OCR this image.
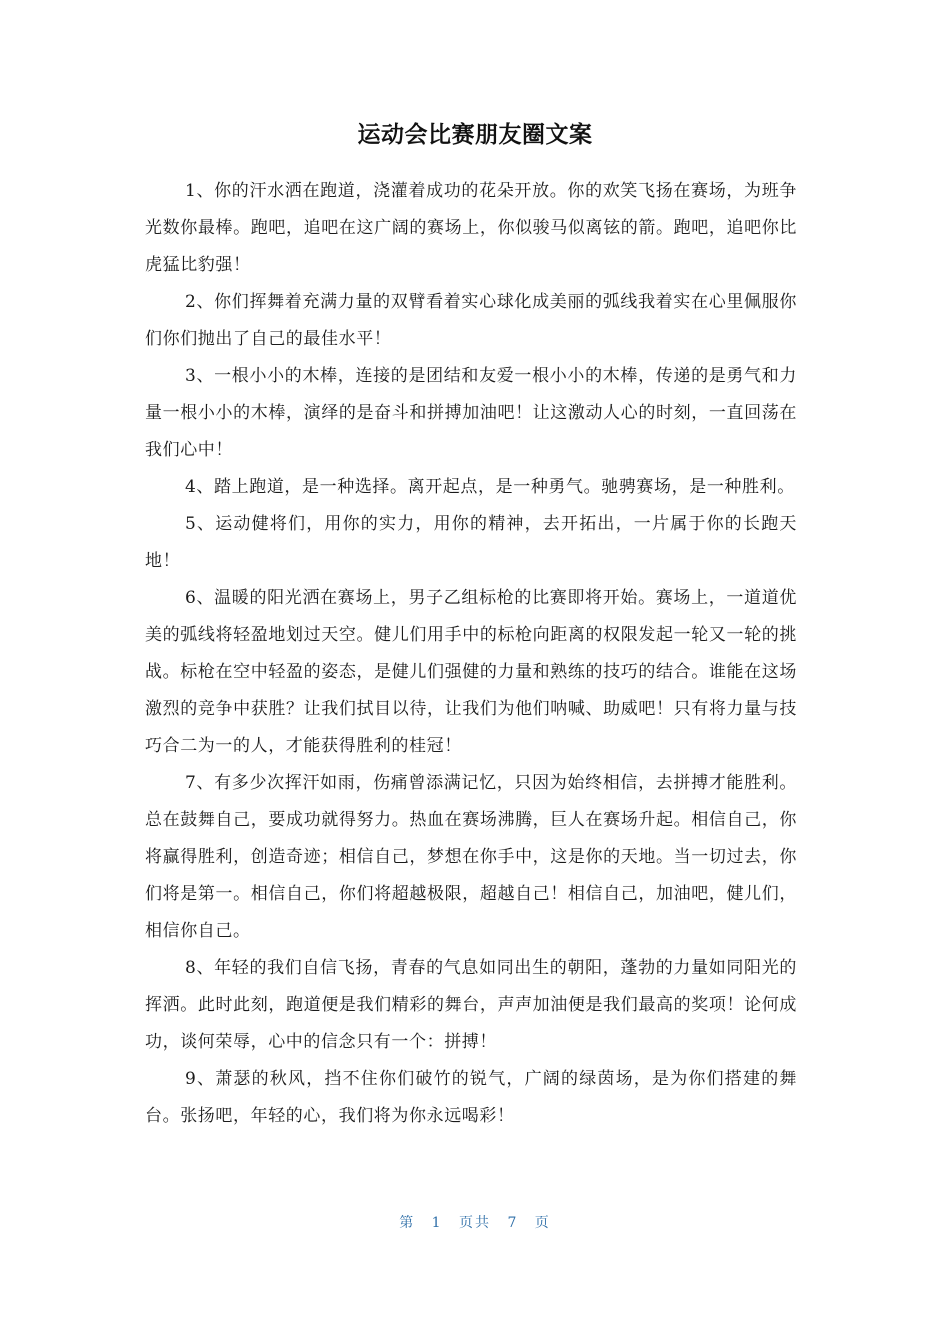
运动会比赛朋友圈文案

1、你的汗水洒在跑道，浇灌着成功的花朵开放。你的欢笑飞扬在赛场，为班争光数你最棒。跑吧，追吧在这广阔的赛场上，你似骏马似离铉的箭。跑吧，追吧你比虎猛比豹强！

2、你们挥舞着充满力量的双臂看着实心球化成美丽的弧线我着实在心里佩服你们你们抛出了自己的最佳水平！

3、一根小小的木棒，连接的是团结和友爱一根小小的木棒，传递的是勇气和力量一根小小的木棒，演绎的是奋斗和拼搏加油吧！让这激动人心的时刻，一直回荡在我们心中！

4、踏上跑道，是一种选择。离开起点，是一种勇气。驰骋赛场，是一种胜利。

5、运动健将们，用你的实力，用你的精神，去开拓出，一片属于你的长跑天地！

6、温暖的阳光洒在赛场上，男子乙组标枪的比赛即将开始。赛场上，一道道优美的弧线将轻盈地划过天空。健儿们用手中的标枪向距离的权限发起一轮又一轮的挑战。标枪在空中轻盈的姿态，是健儿们强健的力量和熟练的技巧的结合。谁能在这场激烈的竞争中获胜？让我们拭目以待，让我们为他们呐喊、助威吧！只有将力量与技巧合二为一的人，才能获得胜利的桂冠！

7、有多少次挥汗如雨，伤痛曾添满记忆，只因为始终相信，去拼搏才能胜利。总在鼓舞自己，要成功就得努力。热血在赛场沸腾，巨人在赛场升起。相信自己，你将赢得胜利，创造奇迹；相信自己，梦想在你手中，这是你的天地。当一切过去，你们将是第一。相信自己，你们将超越极限，超越自己！相信自己，加油吧，健儿们，相信你自己。

8、年轻的我们自信飞扬，青春的气息如同出生的朝阳，蓬勃的力量如同阳光的挥洒。此时此刻，跑道便是我们精彩的舞台，声声加油便是我们最高的奖项！论何成功，谈何荣辱，心中的信念只有一个：拼搏！

9、萧瑟的秋风，挡不住你们破竹的锐气，广阔的绿茵场，是为你们搭建的舞台。张扬吧，年轻的心，我们将为你永远喝彩！

第 1 页共 7 页
